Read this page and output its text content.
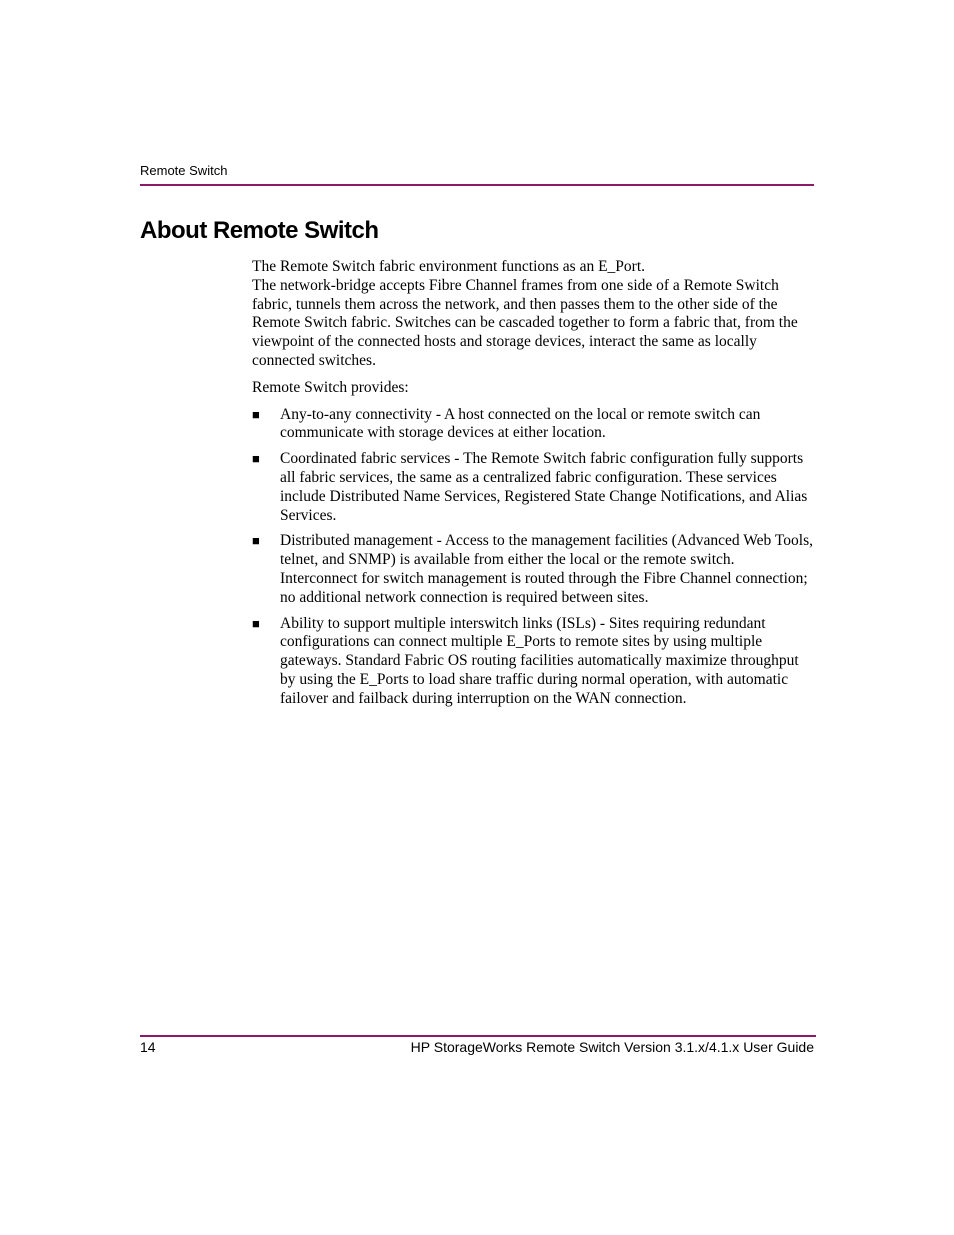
Remote Switch
About Remote Switch

The Remote Switch fabric environment functions as an E_Port.
The network-bridge accepts Fibre Channel frames from one side of a Remote Switch fabric, tunnels them across the network, and then passes them to the other side of the Remote Switch fabric. Switches can be cascaded together to form a fabric that, from the viewpoint of the connected hosts and storage devices, interact the same as locally connected switches.

Remote Switch provides:

■ Any-to-any connectivity - A host connected on the local or remote switch can communicate with storage devices at either location.
■ Coordinated fabric services - The Remote Switch fabric configuration fully supports all fabric services, the same as a centralized fabric configuration. These services include Distributed Name Services, Registered State Change Notifications, and Alias Services.
■ Distributed management - Access to the management facilities (Advanced Web Tools, telnet, and SNMP) is available from either the local or the remote switch. Interconnect for switch management is routed through the Fibre Channel connection; no additional network connection is required between sites.
■ Ability to support multiple interswitch links (ISLs) - Sites requiring redundant configurations can connect multiple E_Ports to remote sites by using multiple gateways. Standard Fabric OS routing facilities automatically maximize throughput by using the E_Ports to load share traffic during normal operation, with automatic failover and failback during interruption on the WAN connection.
14	HP StorageWorks Remote Switch Version 3.1.x/4.1.x User Guide
